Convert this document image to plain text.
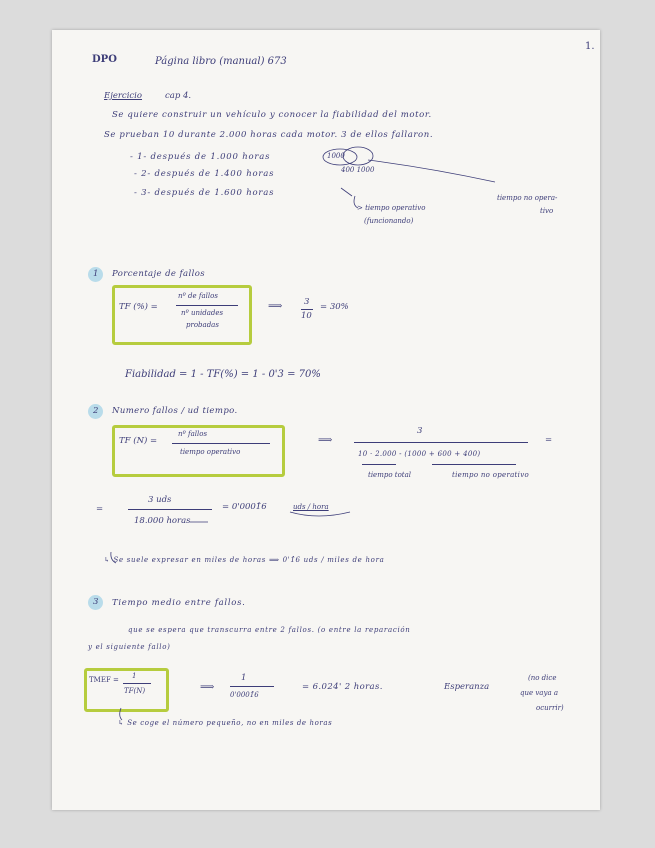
DPO	Página libro (manual) 673
1.
Ejercicio	cap 4.
Se quiere construir un vehículo y conocer la fiabilidad del motor.
Se prueban 10 durante 2.000 horas cada motor. 3 de ellos fallaron.
- 1- después de 1.000 horas
- 2- después de 1.400 horas
- 3- después de 1.600 horas
1000
400 1000
> tiempo operativo
(funcionando)
tiempo no opera-
tivo
1 Porcentaje de fallos
TF (%) =
nº de fallos
nº unidades
probadas
⟹	3
10
= 30%
Fiabilidad = 1 - TF(%) = 1 - 0'3 = 70%
2 Numero fallos / ud tiempo.
TF (N) =
nº fallos
tiempo operativo
⟹
3
10 · 2.000 - (1000 + 600 + 400)
=
tiempo total	tiempo no operativo
=
3 uds
18.000 horas
= 0'0001̂6	uds / hora
↳ Se suele expresar en miles de horas ⟹ 0'1̂6 uds / miles de hora
3 Tiempo medio entre fallos.
que se espera que transcurra entre 2 fallos. (o entre la reparación
y el siguiente fallo)
TMEF = 1
TF(N)	⟹
1
0'0001̂6
= 6.024' 2 horas.	Esperanza
(no dice
que vaya a
ocurrir)
↳ Se coge el número pequeño, no en miles de horas
